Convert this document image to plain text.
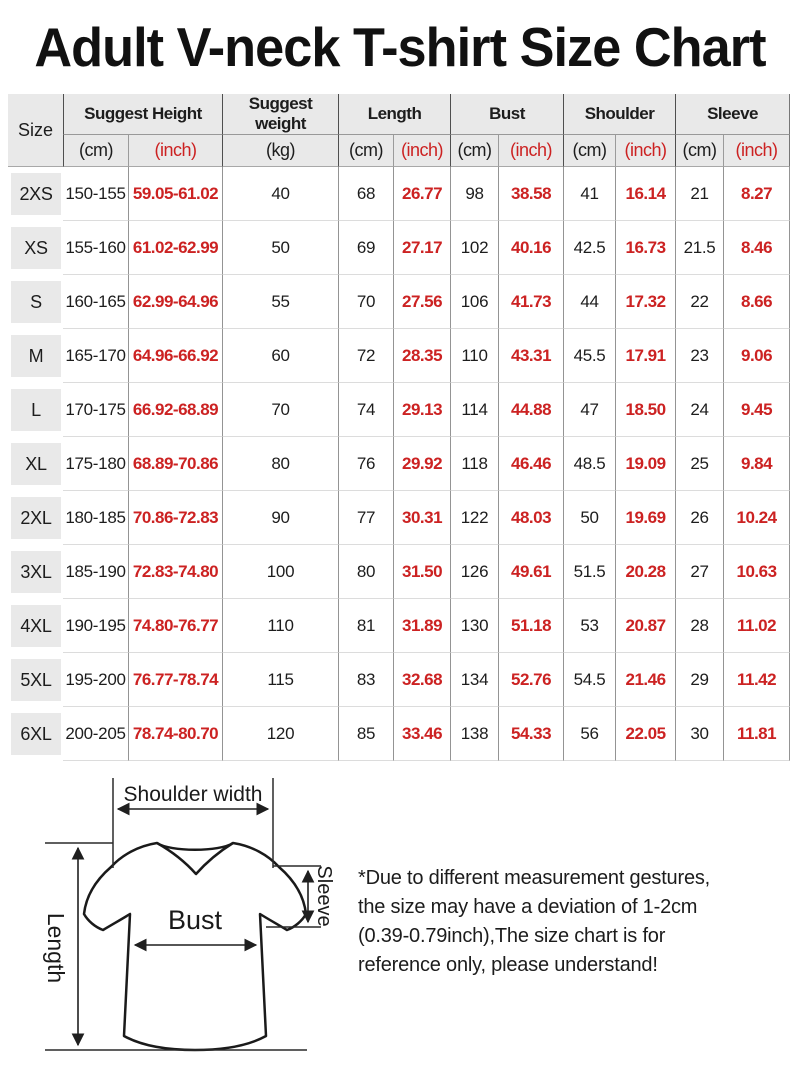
Adult V-neck T-shirt Size Chart
Size	Suggest Height		Suggest weight	Length		Bust		Shoulder		Sleeve	
	(cm)	(inch)	(kg)	(cm)	(inch)	(cm)	(inch)	(cm)	(inch)	(cm)	(inch)

2XS	150-155	59.05-61.02	40	68	26.77	98	38.58	41	16.14	21	8.27

XS	155-160	61.02-62.99	50	69	27.17	102	40.16	42.5	16.73	21.5	8.46

S	160-165	62.99-64.96	55	70	27.56	106	41.73	44	17.32	22	8.66

M	165-170	64.96-66.92	60	72	28.35	110	43.31	45.5	17.91	23	9.06

L	170-175	66.92-68.89	70	74	29.13	114	44.88	47	18.50	24	9.45

XL	175-180	68.89-70.86	80	76	29.92	118	46.46	48.5	19.09	25	9.84

2XL	180-185	70.86-72.83	90	77	30.31	122	48.03	50	19.69	26	10.24

3XL	185-190	72.83-74.80	100	80	31.50	126	49.61	51.5	20.28	27	10.63

4XL	190-195	74.80-76.77	110	81	31.89	130	51.18	53	20.87	28	11.02

5XL	195-200	76.77-78.74	115	83	32.68	134	52.76	54.5	21.46	29	11.42

6XL	200-205	78.74-80.70	120	85	33.46	138	54.33	56	22.05	30	11.81
Shoulder width
Length	Bust	Sleeve *Due to different measurement gestures,
the size may have a deviation of 1-2cm
(0.39-0.79inch),The size chart is for
reference only, please understand!
